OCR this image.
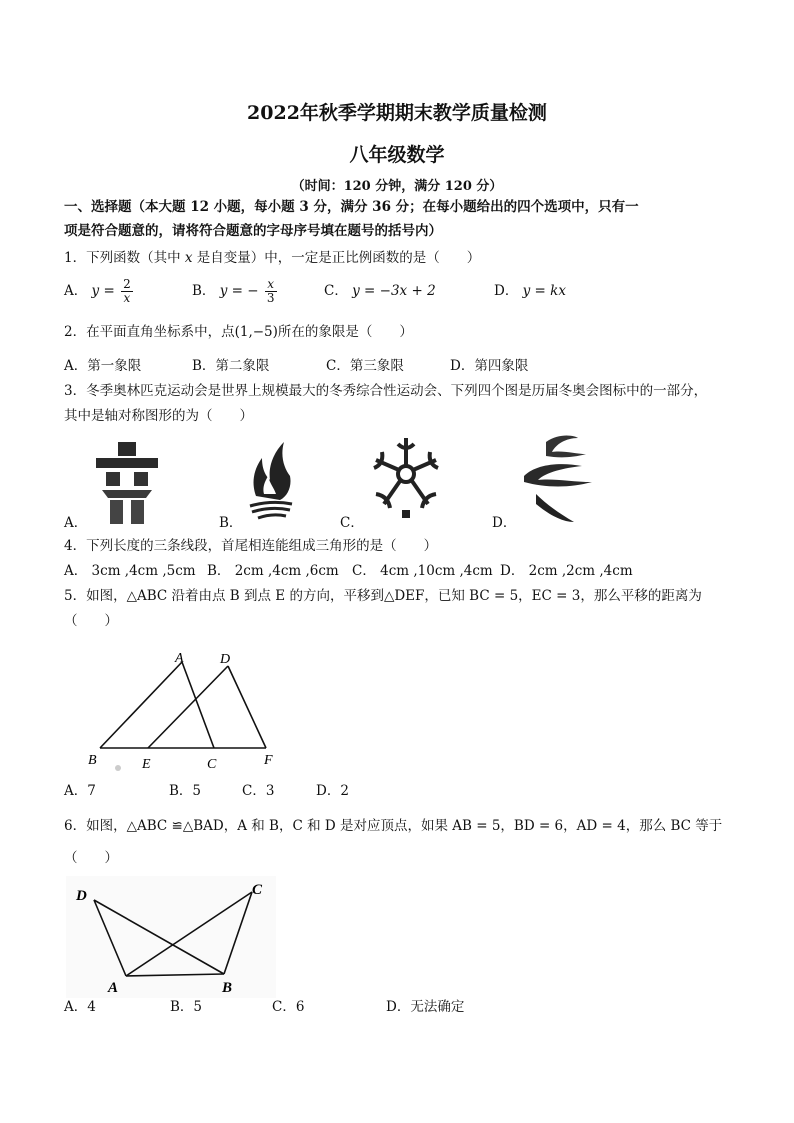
2022年秋季学期期末教学质量检测
八年级数学
（时间：120 分钟，满分 120 分）
一、选择题（本大题 12 小题，每小题 3 分，满分 36 分；在每小题给出的四个选项中，只有一
项是符合题意的，请将符合题意的字母序号填在题号的括号内）
1．下列函数（其中 x 是自变量）中，一定是正比例函数的是（　　）
A． $y = \frac{2}{x}$	B． y = − $\frac{x}{3}$	C． y = −3x + 2	D． y = kx
2．在平面直角坐标系中，点(1,−5)所在的象限是（　　）
A．第一象限	B．第二象限	C．第三象限	D．第四象限
3．冬季奥林匹克运动会是世界上规模最大的冬秀综合性运动会、下列四个图是历届冬奥会图标中的一部分，
其中是轴对称图形的为（　　）
A．	B．	C．	D．
4．下列长度的三条线段，首尾相连能组成三角形的是（　　）
A． 3cm ,4cm ,5cm B． 2cm ,4cm ,6cm C． 4cm ,10cm ,4cm D． 2cm ,2cm ,4cm
5．如图，△ABC 沿着由点 B 到点 E 的方向，平移到△DEF，已知 BC = 5，EC = 3，那么平移的距离为
（　　）
A	D
B	E	C	F
A．7	B．5	C．3	D．2
6．如图，△ABC ≌△BAD，A 和 B，C 和 D 是对应顶点，如果 AB = 5，BD = 6，AD = 4，那么 BC 等于
（　　）
D	C
A	B
A．4	B．5	C．6	D．无法确定
